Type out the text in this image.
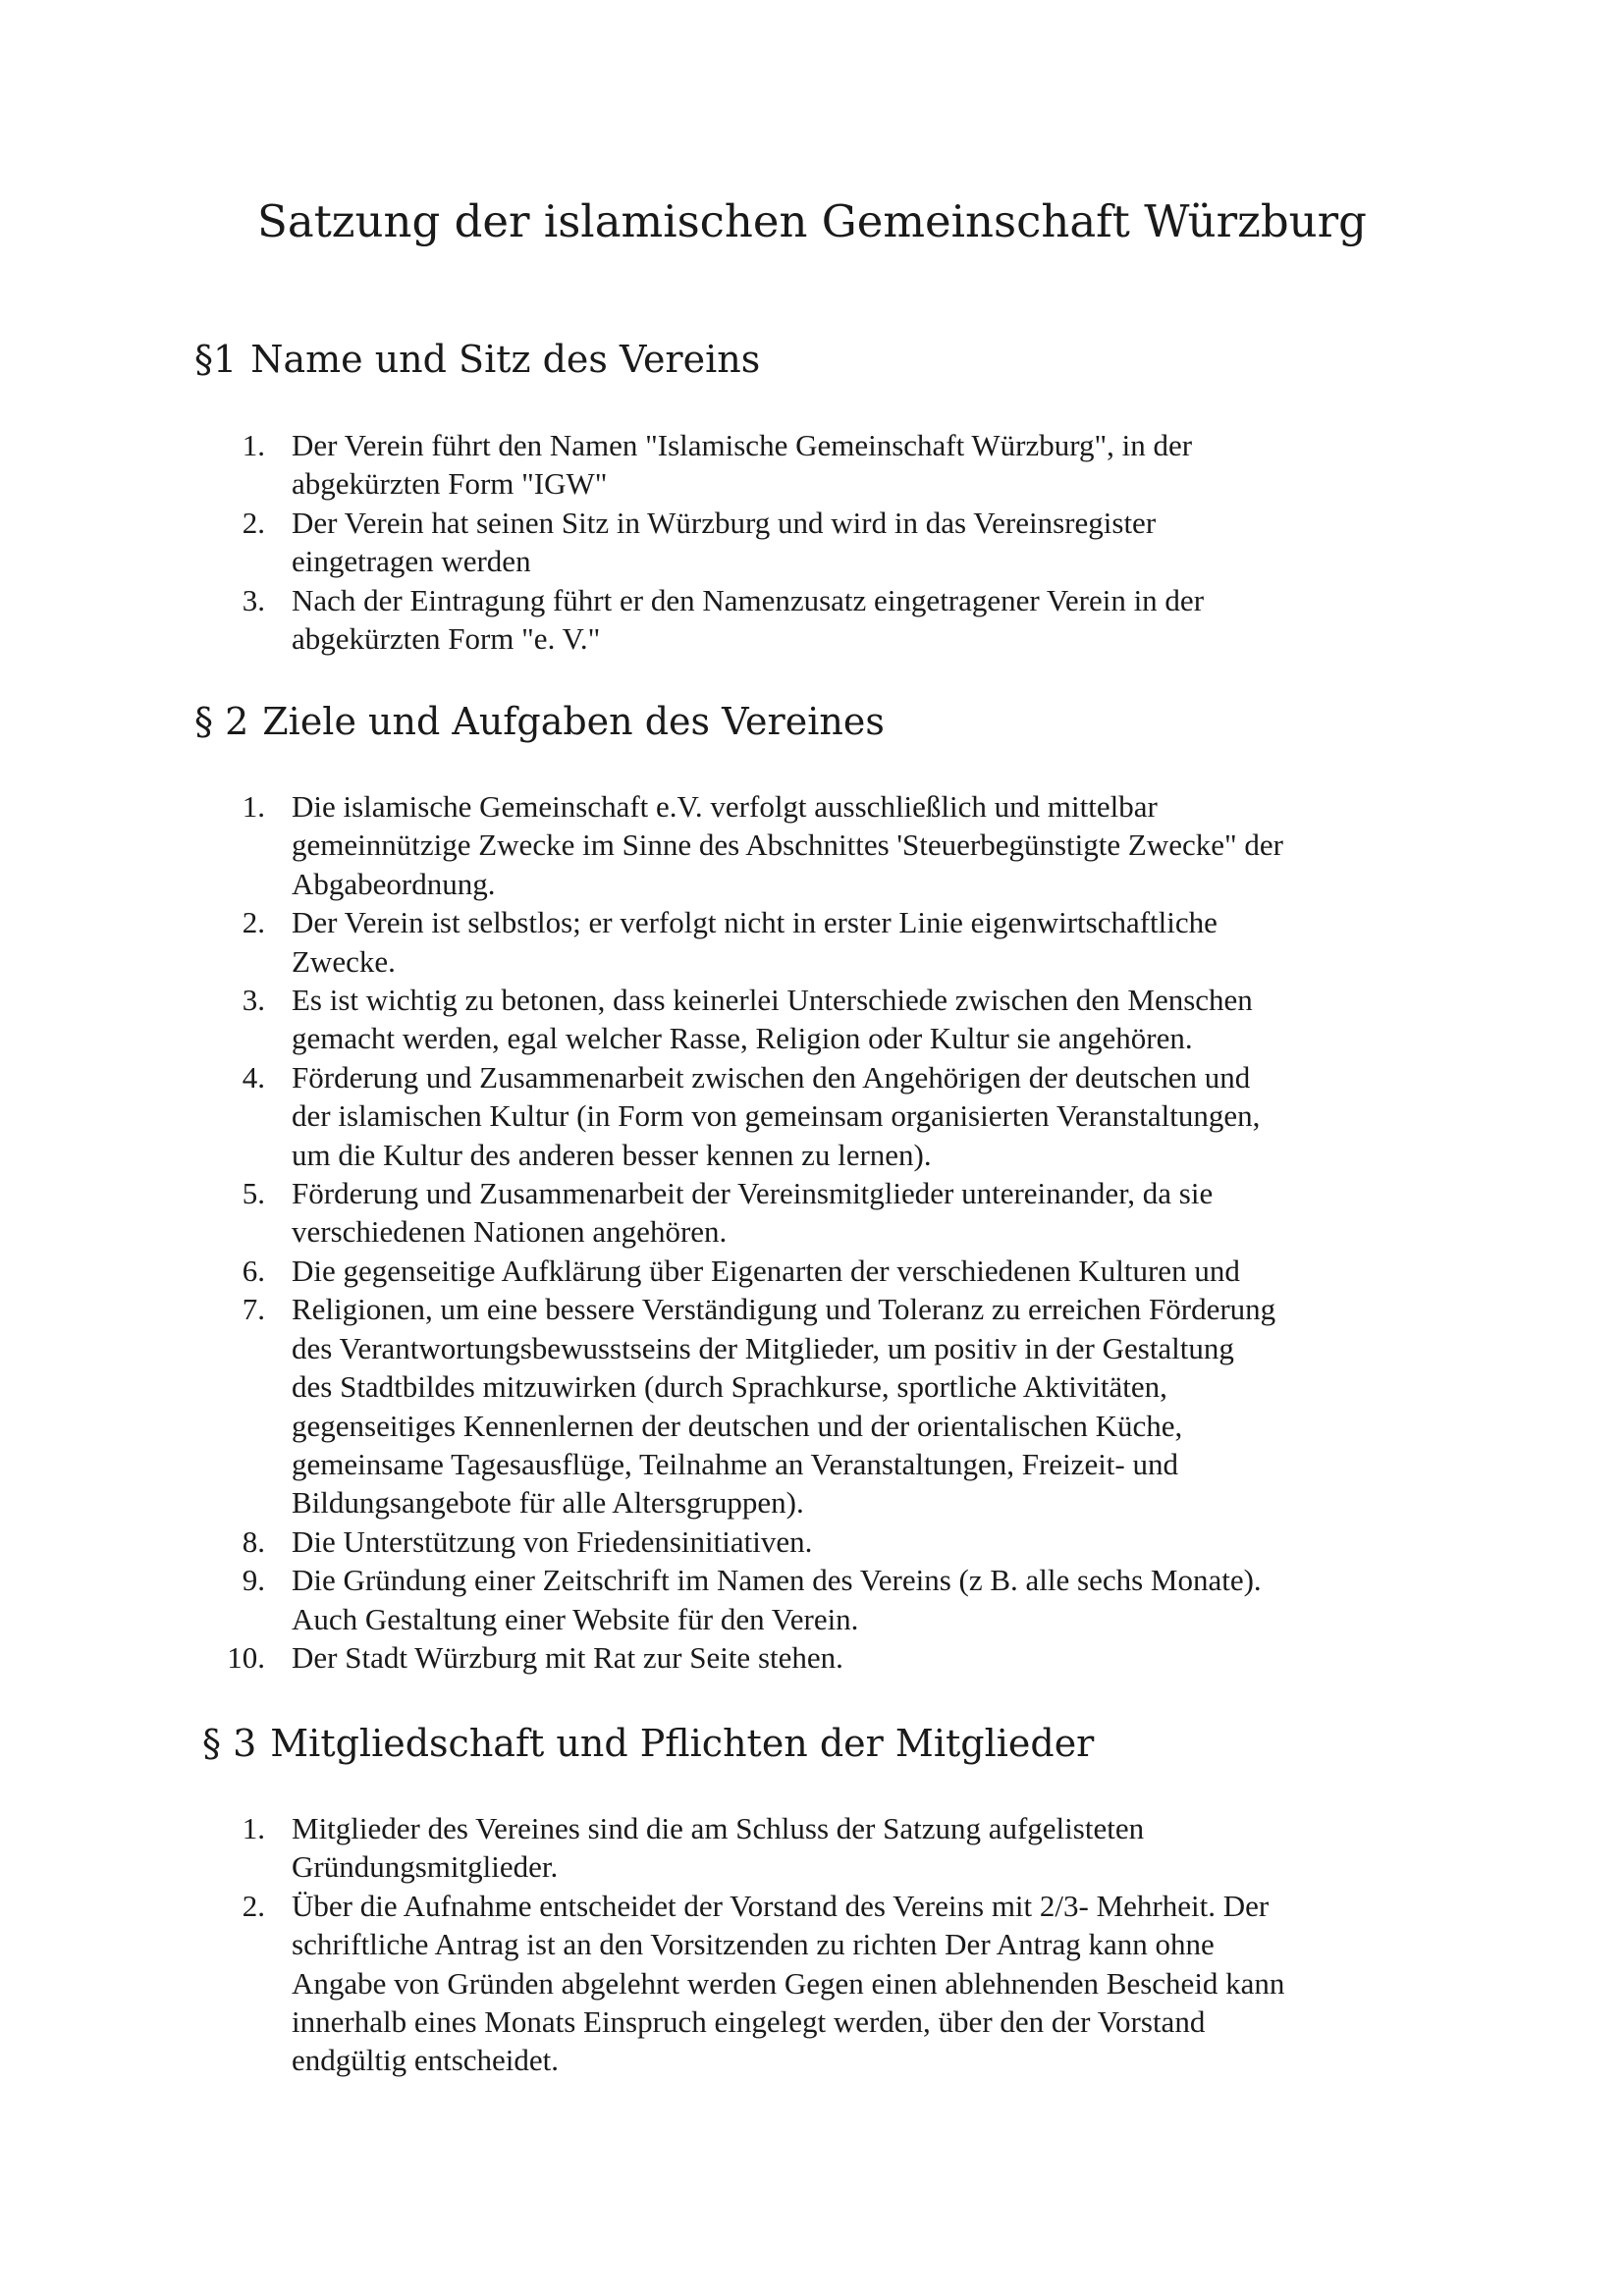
Satzung der islamischen Gemeinschaft Würzburg
§1 Name und Sitz des Vereins
1. Der Verein führt den Namen "Islamische Gemeinschaft Würzburg", in der
abgekürzten Form "IGW"
2. Der Verein hat seinen Sitz in Würzburg und wird in das Vereinsregister
eingetragen werden
3. Nach der Eintragung führt er den Namenzusatz eingetragener Verein in der
abgekürzten Form "e. V."
§ 2 Ziele und Aufgaben des Vereines
1. Die islamische Gemeinschaft e.V. verfolgt ausschließlich und mittelbar
gemeinnützige Zwecke im Sinne des Abschnittes 'Steuerbegünstigte Zwecke" der
Abgabeordnung.
2. Der Verein ist selbstlos; er verfolgt nicht in erster Linie eigenwirtschaftliche
Zwecke.
3. Es ist wichtig zu betonen, dass keinerlei Unterschiede zwischen den Menschen
gemacht werden, egal welcher Rasse, Religion oder Kultur sie angehören.
4. Förderung und Zusammenarbeit zwischen den Angehörigen der deutschen und
der islamischen Kultur (in Form von gemeinsam organisierten Veranstaltungen,
um die Kultur des anderen besser kennen zu lernen).
5. Förderung und Zusammenarbeit der Vereinsmitglieder untereinander, da sie
verschiedenen Nationen angehören.
6. Die gegenseitige Aufklärung über Eigenarten der verschiedenen Kulturen und
7. Religionen, um eine bessere Verständigung und Toleranz zu erreichen Förderung
des Verantwortungsbewusstseins der Mitglieder, um positiv in der Gestaltung
des Stadtbildes mitzuwirken (durch Sprachkurse, sportliche Aktivitäten,
gegenseitiges Kennenlernen der deutschen und der orientalischen Küche,
gemeinsame Tagesausflüge, Teilnahme an Veranstaltungen, Freizeit- und
Bildungsangebote für alle Altersgruppen).
8. Die Unterstützung von Friedensinitiativen.
9. Die Gründung einer Zeitschrift im Namen des Vereins (z B. alle sechs Monate).
Auch Gestaltung einer Website für den Verein.
10. Der Stadt Würzburg mit Rat zur Seite stehen.
§ 3 Mitgliedschaft und Pflichten der Mitglieder
1. Mitglieder des Vereines sind die am Schluss der Satzung aufgelisteten
Gründungsmitglieder.
2. Über die Aufnahme entscheidet der Vorstand des Vereins mit 2/3- Mehrheit. Der
schriftliche Antrag ist an den Vorsitzenden zu richten Der Antrag kann ohne
Angabe von Gründen abgelehnt werden Gegen einen ablehnenden Bescheid kann
innerhalb eines Monats Einspruch eingelegt werden, über den der Vorstand
endgültig entscheidet.
